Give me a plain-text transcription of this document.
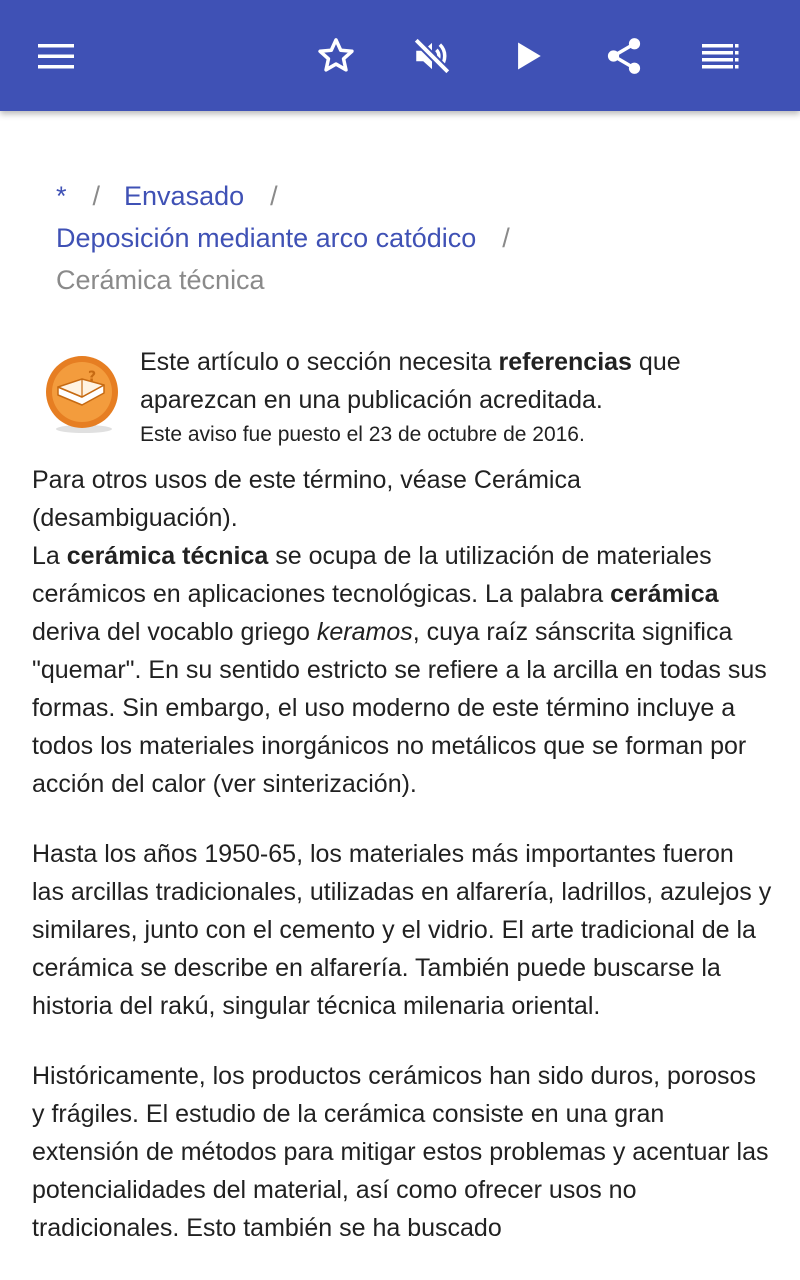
* / Envasado /
Deposición mediante arco catódico /
Cerámica técnica
?
Este artículo o sección necesita referencias que aparezcan en una publicación acreditada.
Este aviso fue puesto el 23 de octubre de 2016.

Para otros usos de este término, véase Cerámica (desambiguación).

La cerámica técnica se ocupa de la utilización de materiales cerámicos en aplicaciones tecnológicas. La palabra cerámica deriva del vocablo griego keramos, cuya raíz sánscrita significa "quemar". En su sentido estricto se refiere a la arcilla en todas sus formas. Sin embargo, el uso moderno de este término incluye a todos los materiales inorgánicos no metálicos que se forman por acción del calor (ver sinterización).

Hasta los años 1950-65, los materiales más importantes fueron las arcillas tradicionales, utilizadas en alfarería, ladrillos, azulejos y similares, junto con el cemento y el vidrio. El arte tradicional de la cerámica se describe en alfarería. También puede buscarse la historia del rakú, singular técnica milenaria oriental.

Históricamente, los productos cerámicos han sido duros, porosos y frágiles. El estudio de la cerámica consiste en una gran extensión de métodos para mitigar estos problemas y acentuar las potencialidades del material, así como ofrecer usos no tradicionales. Esto también se ha buscado
